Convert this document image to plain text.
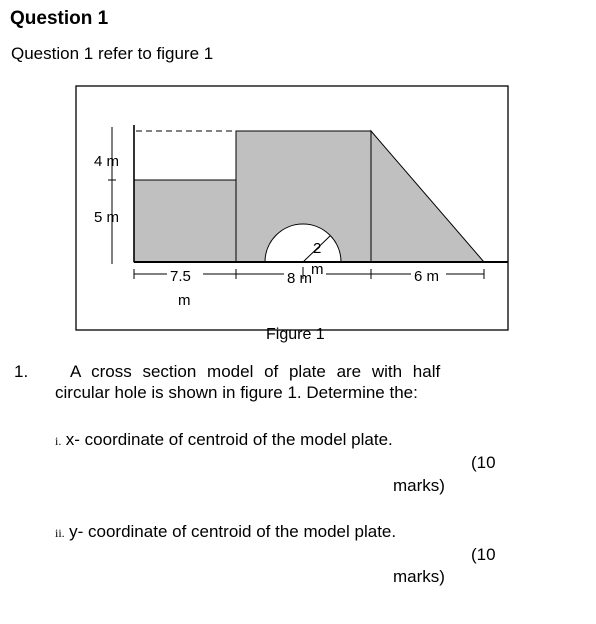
Question 1
Question 1 refer to figure 1
4 m
5 m
7.5
m
8 m
2
m	6 m
Figure 1
1. A cross section model of plate are with half
circular hole is shown in figure 1. Determine the:
i. x- coordinate of centroid of the model plate.
(10
marks)
ii. y- coordinate of centroid of the model plate.
(10
marks)
